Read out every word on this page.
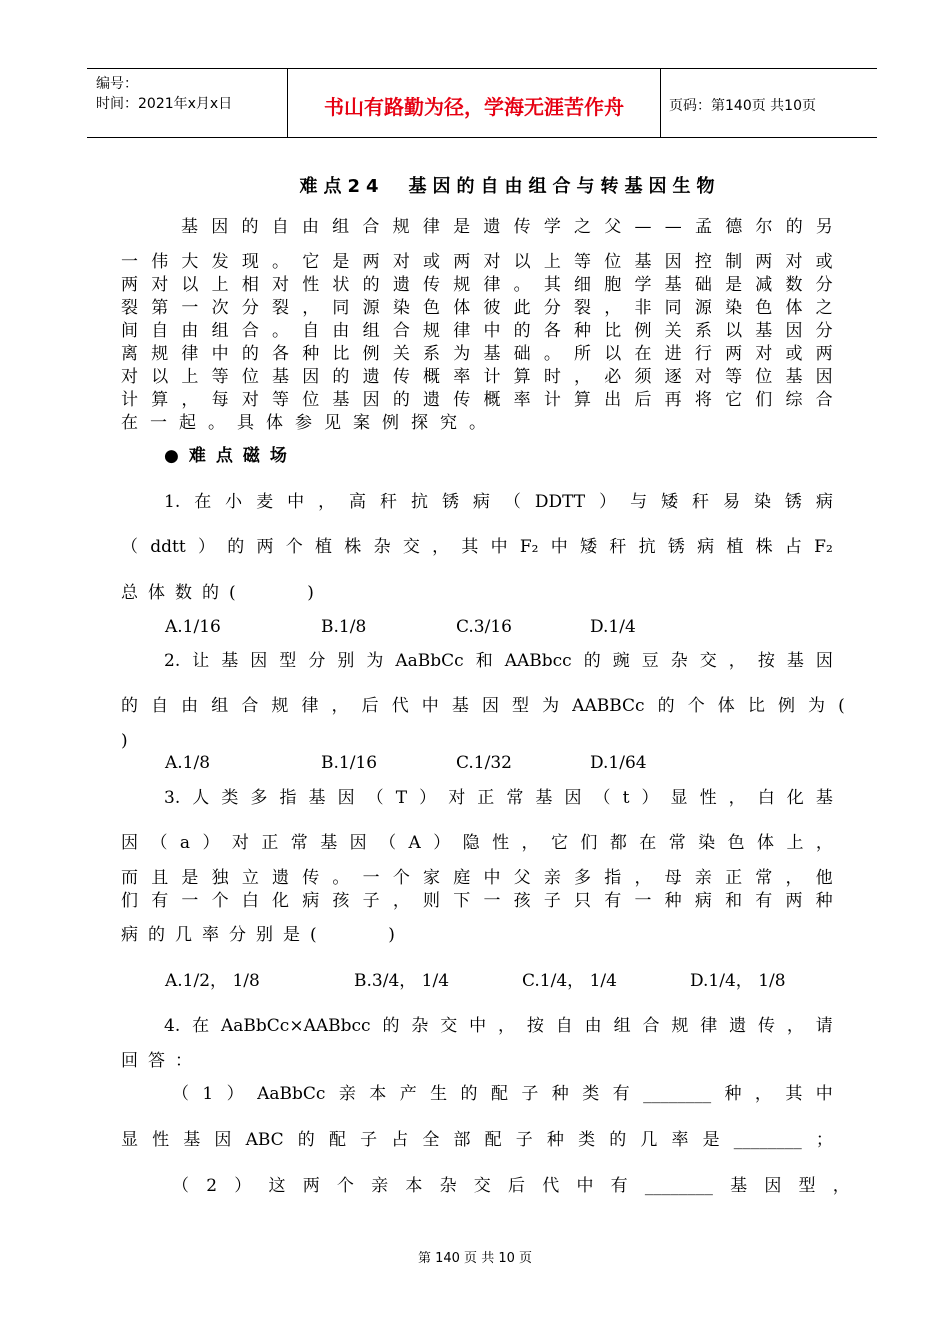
编号：
时间：2021年x月x日	书山有路勤为径，学海无涯苦作舟	页码：第140页 共10页
难点24　基因的自由组合与转基因生物
基 因 的 自 由 组 合 规 律 是 遗 传 学 之 父 — — 孟 德 尔 的 另
一 伟 大 发 现 。 它 是 两 对 或 两 对 以 上 等 位 基 因 控 制 两 对 或
两 对 以 上 相 对 性 状 的 遗 传 规 律 。 其 细 胞 学 基 础 是 减 数 分
裂 第 一 次 分 裂 ， 同 源 染 色 体 彼 此 分 裂 ， 非 同 源 染 色 体 之
间 自 由 组 合 。 自 由 组 合 规 律 中 的 各 种 比 例 关 系 以 基 因 分
离 规 律 中 的 各 种 比 例 关 系 为 基 础 。 所 以 在 进 行 两 对 或 两
对 以 上 等 位 基 因 的 遗 传 概 率 计 算 时 ， 必 须 逐 对 等 位 基 因
计 算 ， 每 对 等 位 基 因 的 遗 传 概 率 计 算 出 后 再 将 它 们 综 合
在一起。具体参见案例探究。
●难点磁场
1. 在 小 麦 中 ， 高 秆 抗 锈 病 （ DDTT ） 与 矮 秆 易 染 锈 病
（ ddtt ） 的 两 个 植 株 杂 交 ， 其 中 F₂ 中 矮 秆 抗 锈 病 植 株 占 F₂
总体数的(    )
A.1/16	B.1/8	C.3/16	D.1/4
2. 让 基 因 型 分 别 为 AaBbCc 和 AABbcc 的 豌 豆 杂 交 ， 按 基 因
的 自 由 组 合 规 律 ， 后 代 中 基 因 型 为 AABBCc 的 个 体 比 例 为 (
)
A.1/8	B.1/16	C.1/32	D.1/64
3. 人 类 多 指 基 因 （ T ） 对 正 常 基 因 （ t ） 显 性 ， 白 化 基
因 （ a ） 对 正 常 基 因 （ A ） 隐 性 ， 它 们 都 在 常 染 色 体 上 ，
而 且 是 独 立 遗 传 。 一 个 家 庭 中 父 亲 多 指 ， 母 亲 正 常 ， 他
们 有 一 个 白 化 病 孩 子 ， 则 下 一 孩 子 只 有 一 种 病 和 有 两 种
病的几率分别是(    )
A.1/2， 1/8	B.3/4， 1/4	C.1/4， 1/4	D.1/4， 1/8
4. 在 AaBbCc×AABbcc 的 杂 交 中 ， 按 自 由 组 合 规 律 遗 传 ， 请
回答：
（ 1 ） AaBbCc 亲 本 产 生 的 配 子 种 类 有 ________ 种 ， 其 中
显 性 基 因 ABC 的 配 子 占 全 部 配 子 种 类 的 几 率 是 ________ ；
（ 2 ） 这 两 个 亲 本 杂 交 后 代 中 有 ________ 基 因 型 ，
第 140 页 共 10 页
